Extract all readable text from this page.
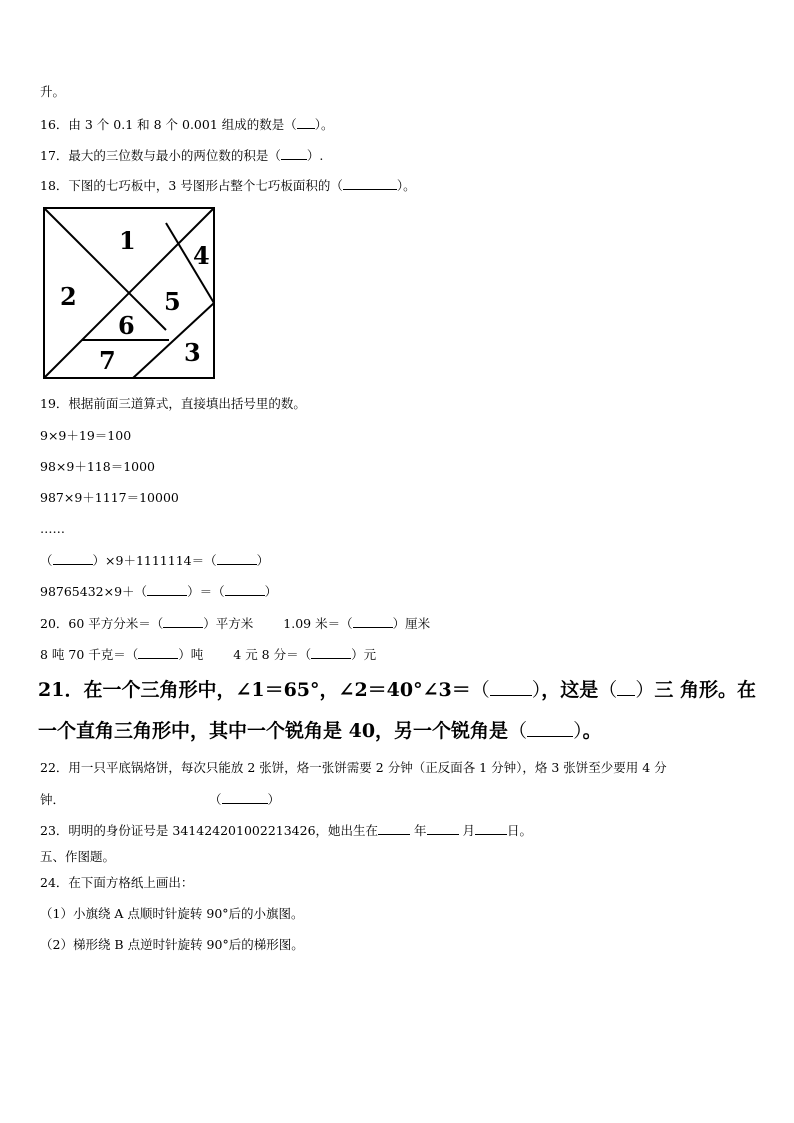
升。
16．由 3 个 0.1 和 8 个 0.001 组成的数是（ ）。
17．最大的三位数与最小的两位数的积是（ ）.
18．下图的七巧板中，3 号图形占整个七巧板面积的（	）。
1
2
3
4
5
6
7
19．根据前面三道算式，直接填出括号里的数。
9×9＋19＝100
98×9＋118＝1000
987×9＋1117＝10000
……
（	）×9＋1111114＝（	）
98765432×9＋（	）＝（	）
20．60 平方分米＝（	）平方米 1.09 米＝（	）厘米
8 吨 70 千克＝（	）吨 4 元 8 分＝（	）元
21．在一个三角形中，∠1＝65°，∠2＝40°∠3＝（ ），这是（ ）三 角形。在
一个直角三角形中，其中一个锐角是 40，另一个锐角是（ ）。
22．用一只平底锅烙饼，每次只能放 2 张饼，烙一张饼需要 2 分钟（正反面各 1 分钟），烙 3 张饼至少要用 4 分
钟．	（	）
23．明明的身份证号是 341424201002213426，她出生在	年	月	日。
五、作图题。
24．在下面方格纸上画出：
（1）小旗绕 A 点顺时针旋转 90°后的小旗图。
（2）梯形绕 B 点逆时针旋转 90°后的梯形图。
